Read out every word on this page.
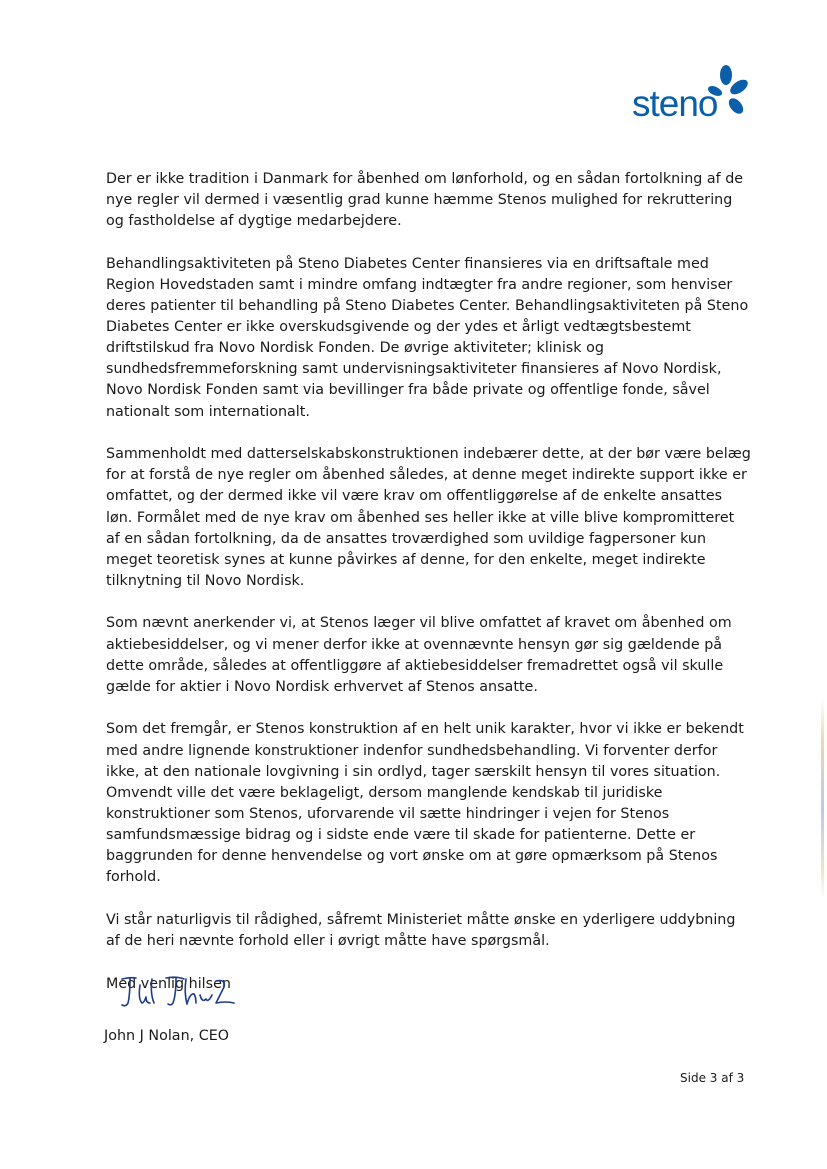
steno

Der er ikke tradition i Danmark for åbenhed om lønforhold, og en sådan fortolkning af de nye regler vil dermed i væsentlig grad kunne hæmme Stenos mulighed for rekruttering og fastholdelse af dygtige medarbejdere.

Behandlingsaktiviteten på Steno Diabetes Center finansieres via en driftsaftale med Region Hovedstaden samt i mindre omfang indtægter fra andre regioner, som henviser deres patienter til behandling på Steno Diabetes Center. Behandlingsaktiviteten på Steno Diabetes Center er ikke overskudsgivende og der ydes et årligt vedtægtsbestemt driftstilskud fra Novo Nordisk Fonden. De øvrige aktiviteter; klinisk og sundhedsfremmeforskning samt undervisningsaktiviteter finansieres af Novo Nordisk, Novo Nordisk Fonden samt via bevillinger fra både private og offentlige fonde, såvel nationalt som internationalt.

Sammenholdt med datterselskabskonstruktionen indebærer dette, at der bør være belæg for at forstå de nye regler om åbenhed således, at denne meget indirekte support ikke er omfattet, og der dermed ikke vil være krav om offentliggørelse af de enkelte ansattes løn. Formålet med de nye krav om åbenhed ses heller ikke at ville blive kompromitteret af en sådan fortolkning, da de ansattes troværdighed som uvildige fagpersoner kun meget teoretisk synes at kunne påvirkes af denne, for den enkelte, meget indirekte tilknytning til Novo Nordisk.

Som nævnt anerkender vi, at Stenos læger vil blive omfattet af kravet om åbenhed om aktiebesiddelser, og vi mener derfor ikke at ovennævnte hensyn gør sig gældende på dette område, således at offentliggøre af aktiebesiddelser fremadrettet også vil skulle gælde for aktier i Novo Nordisk erhvervet af Stenos ansatte.

Som det fremgår, er Stenos konstruktion af en helt unik karakter, hvor vi ikke er bekendt med andre lignende konstruktioner indenfor sundhedsbehandling. Vi forventer derfor ikke, at den nationale lovgivning i sin ordlyd, tager særskilt hensyn til vores situation. Omvendt ville det være beklageligt, dersom manglende kendskab til juridiske konstruktioner som Stenos, uforvarende vil sætte hindringer i vejen for Stenos samfundsmæssige bidrag og i sidste ende være til skade for patienterne. Dette er baggrunden for denne henvendelse og vort ønske om at gøre opmærksom på Stenos forhold.

Vi står naturligvis til rådighed, såfremt Ministeriet måtte ønske en yderligere uddybning af de heri nævnte forhold eller i øvrigt måtte have spørgsmål.

Med venlig hilsen

John J Nolan, CEO
Side 3 af 3
